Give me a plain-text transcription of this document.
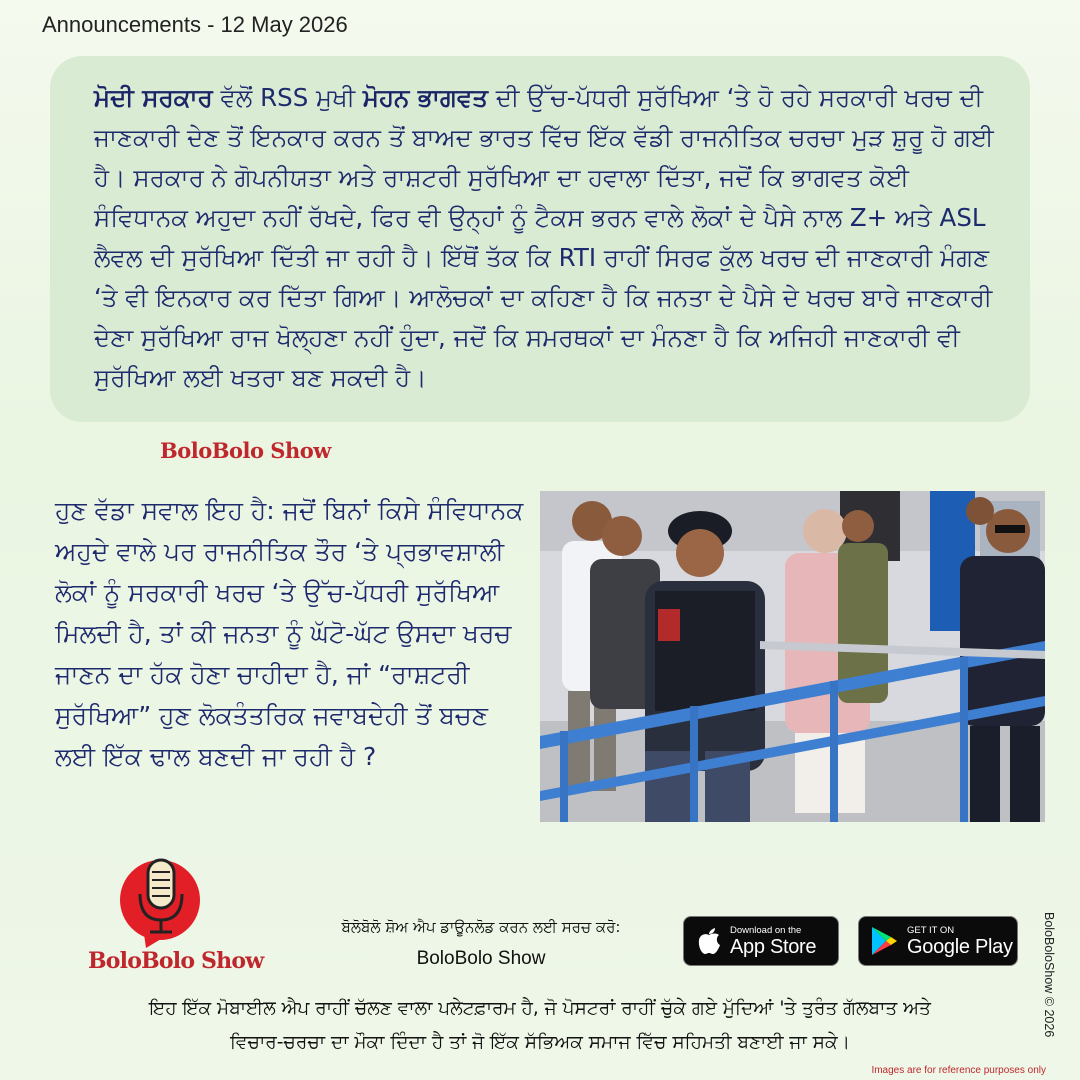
Announcements - 12 May 2026

ਮੋਦੀ ਸਰਕਾਰ ਵੱਲੋਂ RSS ਮੁਖੀ ਮੋਹਨ ਭਾਗਵਤ ਦੀ ਉੱਚ-ਪੱਧਰੀ ਸੁਰੱਖਿਆ ‘ਤੇ ਹੋ ਰਹੇ ਸਰਕਾਰੀ ਖਰਚ ਦੀ ਜਾਣਕਾਰੀ ਦੇਣ ਤੋਂ ਇਨਕਾਰ ਕਰਨ ਤੋਂ ਬਾਅਦ ਭਾਰਤ ਵਿੱਚ ਇੱਕ ਵੱਡੀ ਰਾਜਨੀਤਿਕ ਚਰਚਾ ਮੁੜ ਸ਼ੁਰੂ ਹੋ ਗਈ ਹੈ। ਸਰਕਾਰ ਨੇ ਗੋਪਨੀਯਤਾ ਅਤੇ ਰਾਸ਼ਟਰੀ ਸੁਰੱਖਿਆ ਦਾ ਹਵਾਲਾ ਦਿੱਤਾ, ਜਦੋਂ ਕਿ ਭਾਗਵਤ ਕੋਈ ਸੰਵਿਧਾਨਕ ਅਹੁਦਾ ਨਹੀਂ ਰੱਖਦੇ, ਫਿਰ ਵੀ ਉਨ੍ਹਾਂ ਨੂੰ ਟੈਕਸ ਭਰਨ ਵਾਲੇ ਲੋਕਾਂ ਦੇ ਪੈਸੇ ਨਾਲ Z+ ਅਤੇ ASL ਲੈਵਲ ਦੀ ਸੁਰੱਖਿਆ ਦਿੱਤੀ ਜਾ ਰਹੀ ਹੈ। ਇੱਥੋਂ ਤੱਕ ਕਿ RTI ਰਾਹੀਂ ਸਿਰਫ ਕੁੱਲ ਖਰਚ ਦੀ ਜਾਣਕਾਰੀ ਮੰਗਣ ‘ਤੇ ਵੀ ਇਨਕਾਰ ਕਰ ਦਿੱਤਾ ਗਿਆ। ਆਲੋਚਕਾਂ ਦਾ ਕਹਿਣਾ ਹੈ ਕਿ ਜਨਤਾ ਦੇ ਪੈਸੇ ਦੇ ਖਰਚ ਬਾਰੇ ਜਾਣਕਾਰੀ ਦੇਣਾ ਸੁਰੱਖਿਆ ਰਾਜ ਖੋਲ੍ਹਣਾ ਨਹੀਂ ਹੁੰਦਾ, ਜਦੋਂ ਕਿ ਸਮਰਥਕਾਂ ਦਾ ਮੰਨਣਾ ਹੈ ਕਿ ਅਜਿਹੀ ਜਾਣਕਾਰੀ ਵੀ ਸੁਰੱਖਿਆ ਲਈ ਖਤਰਾ ਬਣ ਸਕਦੀ ਹੈ।

BoloBolo Show

ਹੁਣ ਵੱਡਾ ਸਵਾਲ ਇਹ ਹੈ: ਜਦੋਂ ਬਿਨਾਂ ਕਿਸੇ ਸੰਵਿਧਾਨਕ ਅਹੁਦੇ ਵਾਲੇ ਪਰ ਰਾਜਨੀਤਿਕ ਤੌਰ ‘ਤੇ ਪ੍ਰਭਾਵਸ਼ਾਲੀ ਲੋਕਾਂ ਨੂੰ ਸਰਕਾਰੀ ਖਰਚ ‘ਤੇ ਉੱਚ-ਪੱਧਰੀ ਸੁਰੱਖਿਆ ਮਿਲਦੀ ਹੈ, ਤਾਂ ਕੀ ਜਨਤਾ ਨੂੰ ਘੱਟੋ-ਘੱਟ ਉਸਦਾ ਖਰਚ ਜਾਣਨ ਦਾ ਹੱਕ ਹੋਣਾ ਚਾਹੀਦਾ ਹੈ, ਜਾਂ “ਰਾਸ਼ਟਰੀ ਸੁਰੱਖਿਆ” ਹੁਣ ਲੋਕਤੰਤਰਿਕ ਜਵਾਬਦੇਹੀ ਤੋਂ ਬਚਣ ਲਈ ਇੱਕ ਢਾਲ ਬਣਦੀ ਜਾ ਰਹੀ ਹੈ ?

BoloBolo Show
ਬੋਲੋਬੋਲੋ ਸ਼ੋਅ ਐਪ ਡਾਊਨਲੋਡ ਕਰਨ ਲਈ ਸਰਚ ਕਰੋ:
BoloBolo Show
Download on the
App Store
GET IT ON
Google Play

ਇਹ ਇੱਕ ਮੋਬਾਈਲ ਐਪ ਰਾਹੀਂ ਚੱਲਣ ਵਾਲਾ ਪਲੇਟਫ਼ਾਰਮ ਹੈ, ਜੋ ਪੋਸਟਰਾਂ ਰਾਹੀਂ ਚੁੱਕੇ ਗਏ ਮੁੱਦਿਆਂ 'ਤੇ ਤੁਰੰਤ ਗੱਲਬਾਤ ਅਤੇ
ਵਿਚਾਰ-ਚਰਚਾ ਦਾ ਮੌਕਾ ਦਿੰਦਾ ਹੈ ਤਾਂ ਜੋ ਇੱਕ ਸੱਭਿਅਕ ਸਮਾਜ ਵਿੱਚ ਸਹਿਮਤੀ ਬਣਾਈ ਜਾ ਸਕੇ।

BoloBoloShow © 2026
Images are for reference purposes only
